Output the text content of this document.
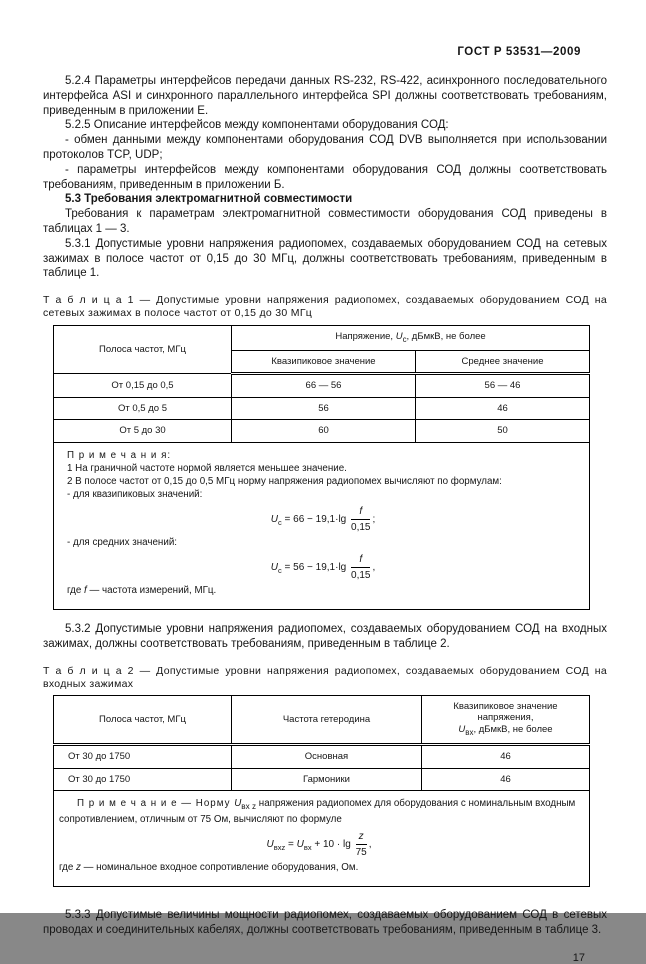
ГОСТ Р 53531—2009

5.2.4 Параметры интерфейсов передачи данных RS-232, RS-422, асинхронного последовательного интерфейса ASI и синхронного параллельного интерфейса SPI должны соответствовать требованиям, приведенным в приложении Е.

5.2.5 Описание интерфейсов между компонентами оборудования СОД:

- обмен данными между компонентами оборудования СОД DVB выполняется при использовании протоколов TCP, UDP;

- параметры интерфейсов между компонентами оборудования СОД должны соответствовать требованиям, приведенным в приложении Б.

5.3 Требования электромагнитной совместимости

Требования к параметрам электромагнитной совместимости оборудования СОД приведены в таблицах 1 — 3.

5.3.1 Допустимые уровни напряжения радиопомех, создаваемых оборудованием СОД на сетевых зажимах в полосе частот от 0,15 до 30 МГц, должны соответствовать требованиям, приведенным в таблице 1.

Т а б л и ц а 1 — Допустимые уровни напряжения радиопомех, создаваемых оборудованием СОД на сетевых зажимах в полосе частот от 0,15 до 30 МГц

Полоса частот, МГц	Напряжение, $U_с$, дБмкВ, не более	
	Квазипиковое значение	Среднее значение
От 0,15 до 0,5	66 — 56	56 — 46
От 0,5 до 5	56	46
От 5 до 30	60	50

П р и м е ч а н и я:

1 На граничной частоте нормой является меньшее значение.

2 В полосе частот от 0,15 до 0,5 МГц норму напряжения радиопомех вычисляют по формулам:

- для квазипиковых значений:

$U_с = 66 - 19,1\cdot\lg \frac{f}{0,15}$ ;

- для средних значений:

$U_с = 56 - 19,1\cdot\lg \frac{f}{0,15}$ ,

где f — частота измерений, МГц.

5.3.2 Допустимые уровни напряжения радиопомех, создаваемых оборудованием СОД на входных зажимах, должны соответствовать требованиям, приведенным в таблице 2.

Т а б л и ц а 2 — Допустимые уровни напряжения радиопомех, создаваемых оборудованием СОД на входных зажимах

Полоса частот, МГц	Частота гетеродина	Квазипиковое значение напряжения,
$U_{вх}$, дБмкВ, не более
От 30 до 1750	Основная	46
От 30 до 1750	Гармоники	46

П р и м е ч а н и е — Норму $U_{вх z}$ напряжения радиопомех для оборудования с номинальным входным сопротивлением, отличным от 75 Ом, вычисляют по формуле

$U_{вхz} = U_{вх} + 10 \cdot \lg \frac{z}{75}$ ,

где z — номинальное входное сопротивление оборудования, Ом.

5.3.3 Допустимые величины мощности радиопомех, создаваемых оборудованием СОД в сетевых проводах и соединительных кабелях, должны соответствовать требованиям, приведенным в таблице 3.

17
